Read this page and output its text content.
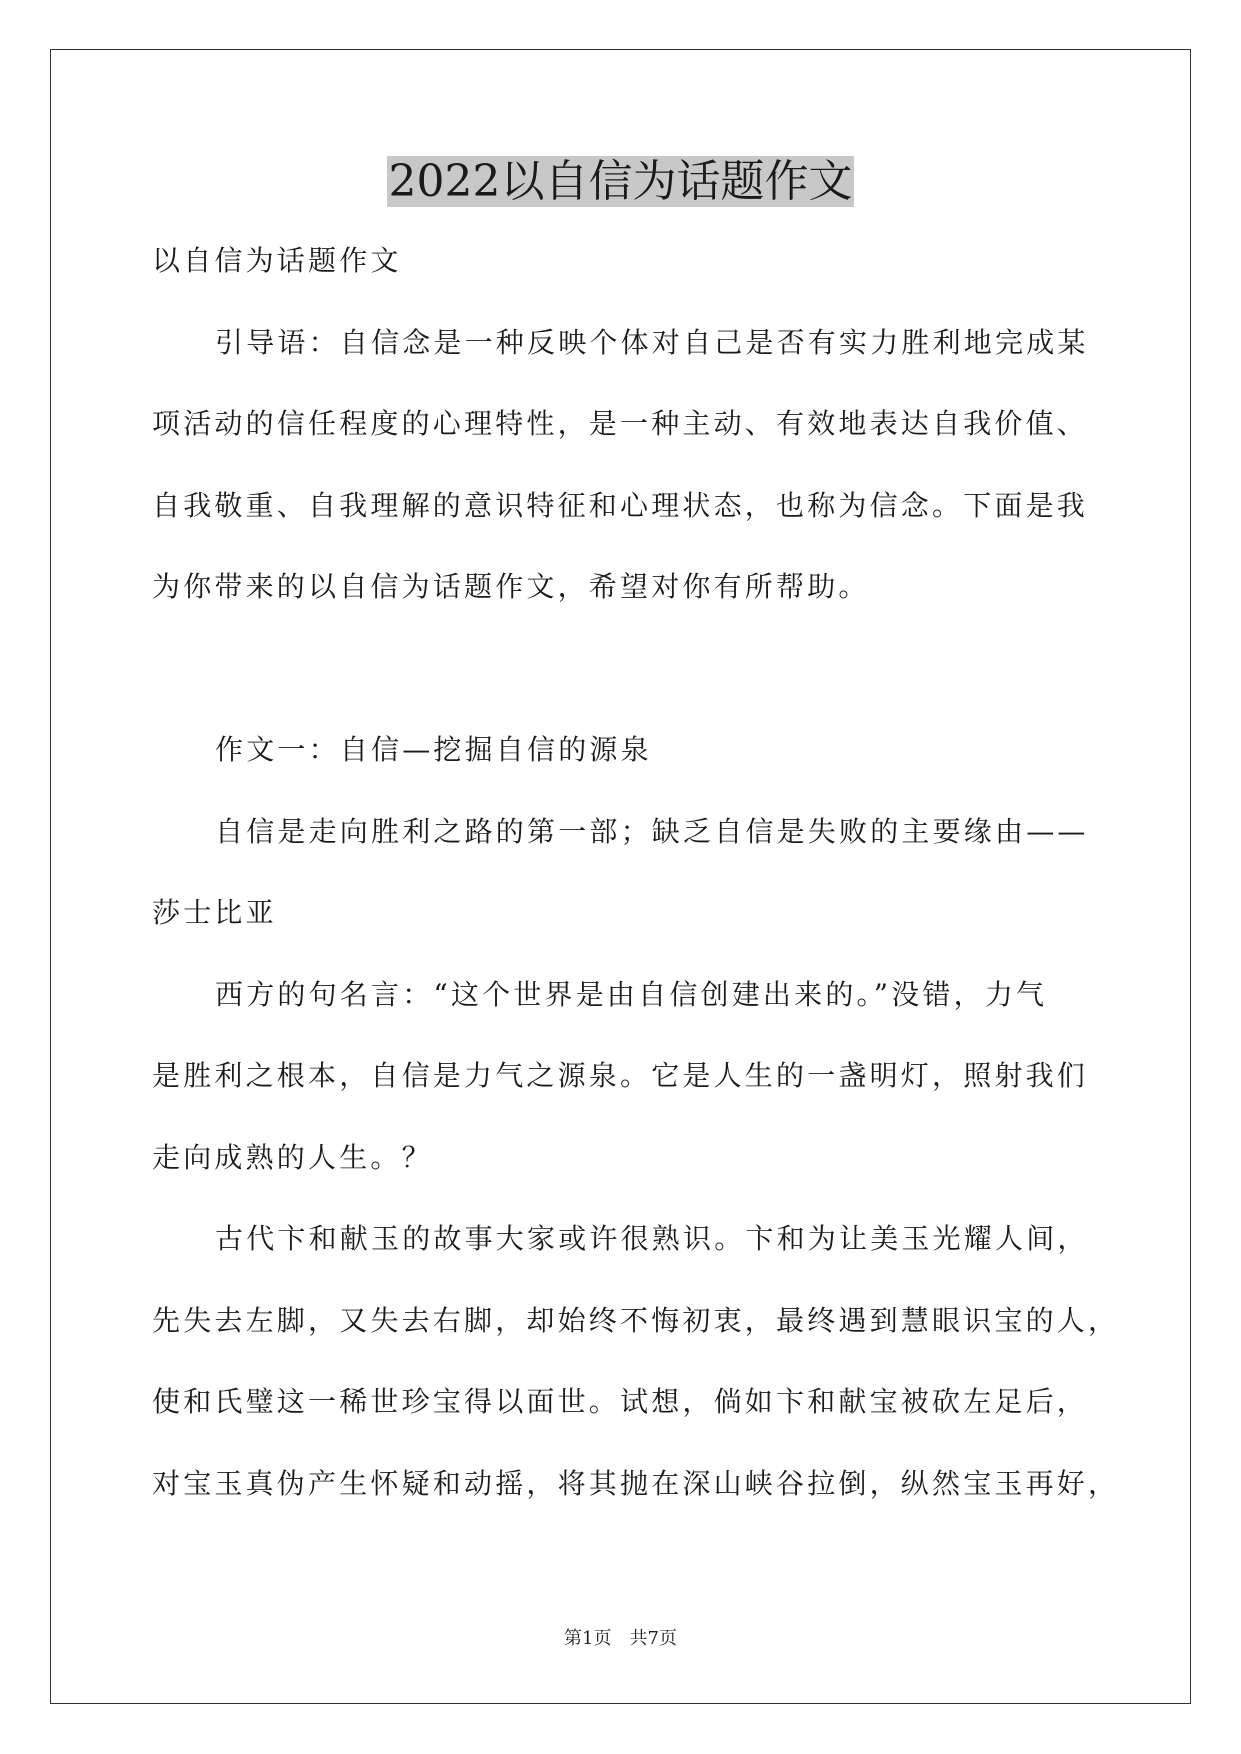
2022以自信为话题作文
以自信为话题作文
引导语：自信念是一种反映个体对自己是否有实力胜利地完成某
项活动的信任程度的心理特性，是一种主动、有效地表达自我价值、
自我敬重、自我理解的意识特征和心理状态，也称为信念。下面是我
为你带来的以自信为话题作文，希望对你有所帮助。
作文一：自信—挖掘自信的源泉
自信是走向胜利之路的第一部；缺乏自信是失败的主要缘由——
莎士比亚
西方的句名言：“这个世界是由自信创建出来的。”没错，力气
是胜利之根本，自信是力气之源泉。它是人生的一盏明灯，照射我们
走向成熟的人生。？
古代卞和献玉的故事大家或许很熟识。卞和为让美玉光耀人间，
先失去左脚，又失去右脚，却始终不悔初衷，最终遇到慧眼识宝的人，
使和氏璧这一稀世珍宝得以面世。试想，倘如卞和献宝被砍左足后，
对宝玉真伪产生怀疑和动摇，将其抛在深山峡谷拉倒，纵然宝玉再好，
第1页　共7页
